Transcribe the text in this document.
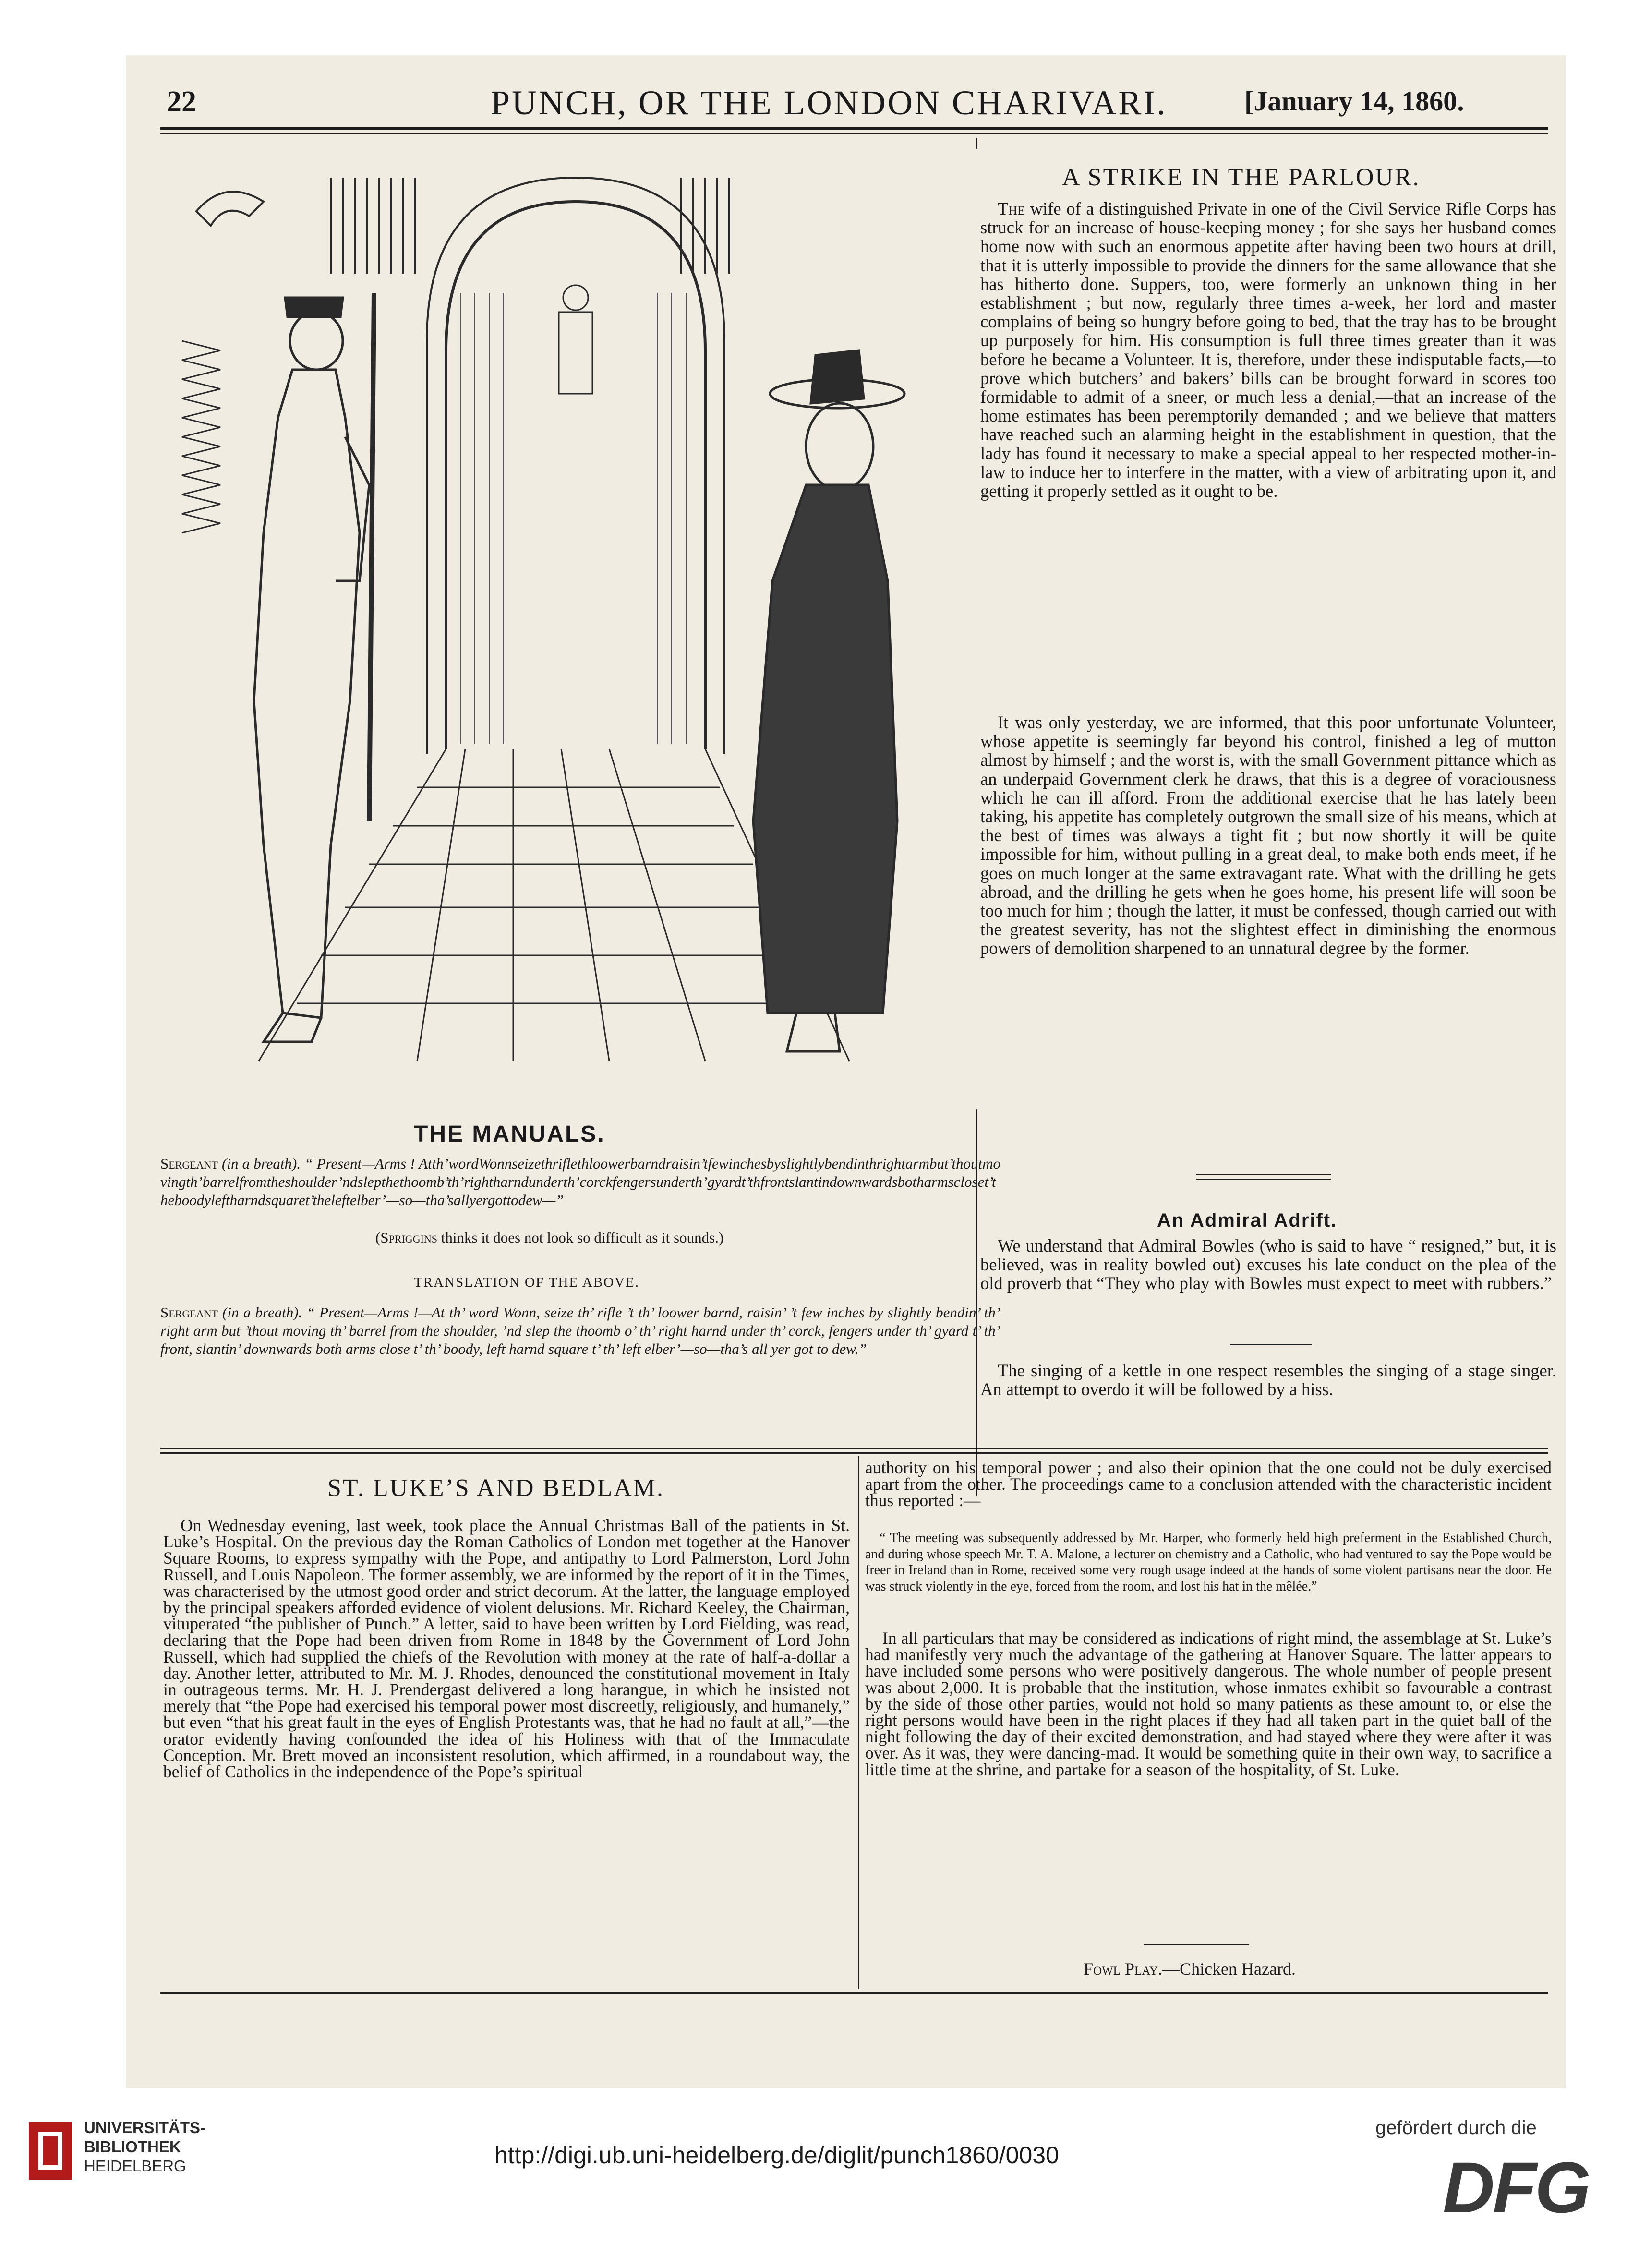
22	PUNCH, OR THE LONDON CHARIVARI.	[January 14, 1860.
THE MANUALS.
Sergeant (in a breath). “ Present—Arms ! Atth’wordWonnseizethriflethloowerbarndraisin’tfewinchesbyslightlybendinthrightarmbut’thoutmovingth’barrelfromtheshoulder’ndslepthethoomb’th’rightharndunderth’corckfengersunderth’gyardt’thfrontslantindownwardsbotharmscloset’theboodyleftharndsquaret’theleftelber’—so—tha’sallyergottodew—”
(Spriggins thinks it does not look so difficult as it sounds.)
TRANSLATION OF THE ABOVE.
Sergeant (in a breath). “ Present—Arms !—At th’ word Wonn, seize th’ rifle ’t th’ loower barnd, raisin’ ’t few inches by slightly bendin’ th’ right arm but ’thout moving th’ barrel from the shoulder, ’nd slep the thoomb o’ th’ right harnd under th’ corck, fengers under th’ gyard t’ th’ front, slantin’ downwards both arms close t’ th’ boody, left harnd square t’ th’ left elber’—so—tha’s all yer got to dew.”
A STRIKE IN THE PARLOUR.
The wife of a distinguished Private in one of the Civil Service Rifle Corps has struck for an increase of house-keeping money ; for she says her husband comes home now with such an enormous appetite after having been two hours at drill, that it is utterly impossible to provide the dinners for the same allowance that she has hitherto done. Suppers, too, were formerly an unknown thing in her establishment ; but now, regularly three times a-week, her lord and master complains of being so hungry before going to bed, that the tray has to be brought up purposely for him. His consumption is full three times greater than it was before he became a Volunteer. It is, therefore, under these indisputable facts,—to prove which butchers’ and bakers’ bills can be brought forward in scores too formidable to admit of a sneer, or much less a denial,—that an increase of the home estimates has been peremptorily demanded ; and we believe that matters have reached such an alarming height in the establishment in question, that the lady has found it necessary to make a special appeal to her respected mother-in-law to induce her to interfere in the matter, with a view of arbitrating upon it, and getting it properly settled as it ought to be.
It was only yesterday, we are informed, that this poor unfortunate Volunteer, whose appetite is seemingly far beyond his control, finished a leg of mutton almost by himself ; and the worst is, with the small Government pittance which as an underpaid Government clerk he draws, that this is a degree of voraciousness which he can ill afford. From the additional exercise that he has lately been taking, his appetite has completely outgrown the small size of his means, which at the best of times was always a tight fit ; but now shortly it will be quite impossible for him, without pulling in a great deal, to make both ends meet, if he goes on much longer at the same extravagant rate. What with the drilling he gets abroad, and the drilling he gets when he goes home, his present life will soon be too much for him ; though the latter, it must be confessed, though carried out with the greatest severity, has not the slightest effect in diminishing the enormous powers of demolition sharpened to an unnatural degree by the former.
An Admiral Adrift.
We understand that Admiral Bowles (who is said to have “ resigned,” but, it is believed, was in reality bowled out) excuses his late conduct on the plea of the old proverb that “They who play with Bowles must expect to meet with rubbers.”
The singing of a kettle in one respect resembles the singing of a stage singer. An attempt to overdo it will be followed by a hiss.
ST. LUKE’S AND BEDLAM.
On Wednesday evening, last week, took place the Annual Christmas Ball of the patients in St. Luke’s Hospital. On the previous day the Roman Catholics of London met together at the Hanover Square Rooms, to express sympathy with the Pope, and antipathy to Lord Palmerston, Lord John Russell, and Louis Napoleon. The former assembly, we are informed by the report of it in the Times, was characterised by the utmost good order and strict decorum. At the latter, the language employed by the principal speakers afforded evidence of violent delusions. Mr. Richard Keeley, the Chairman, vituperated “the publisher of Punch.” A letter, said to have been written by Lord Fielding, was read, declaring that the Pope had been driven from Rome in 1848 by the Government of Lord John Russell, which had supplied the chiefs of the Revolution with money at the rate of half-a-dollar a day. Another letter, attributed to Mr. M. J. Rhodes, denounced the constitutional movement in Italy in outrageous terms. Mr. H. J. Prendergast delivered a long harangue, in which he insisted not merely that “the Pope had exercised his temporal power most discreetly, religiously, and humanely,” but even “that his great fault in the eyes of English Protestants was, that he had no fault at all,”—the orator evidently having confounded the idea of his Holiness with that of the Immaculate Conception. Mr. Brett moved an inconsistent resolution, which affirmed, in a roundabout way, the belief of Catholics in the independence of the Pope’s spiritual
authority on his temporal power ; and also their opinion that the one could not be duly exercised apart from the other. The proceedings came to a conclusion attended with the characteristic incident thus reported :—
“ The meeting was subsequently addressed by Mr. Harper, who formerly held high preferment in the Established Church, and during whose speech Mr. T. A. Malone, a lecturer on chemistry and a Catholic, who had ventured to say the Pope would be freer in Ireland than in Rome, received some very rough usage indeed at the hands of some violent partisans near the door. He was struck violently in the eye, forced from the room, and lost his hat in the mêlée.”
In all particulars that may be considered as indications of right mind, the assemblage at St. Luke’s had manifestly very much the advantage of the gathering at Hanover Square. The latter appears to have included some persons who were positively dangerous. The whole number of people present was about 2,000. It is probable that the institution, whose inmates exhibit so favourable a contrast by the side of those other parties, would not hold so many patients as these amount to, or else the right persons would have been in the right places if they had all taken part in the quiet ball of the night following the day of their excited demonstration, and had stayed where they were after it was over. As it was, they were dancing-mad. It would be something quite in their own way, to sacrifice a little time at the shrine, and partake for a season of the hospitality, of St. Luke.
Fowl Play.—Chicken Hazard.
UNIVERSITÄTS-
BIBLIOTHEK
HEIDELBERG	http://digi.ub.uni-heidelberg.de/diglit/punch1860/0030
gefördert durch die
DFG
